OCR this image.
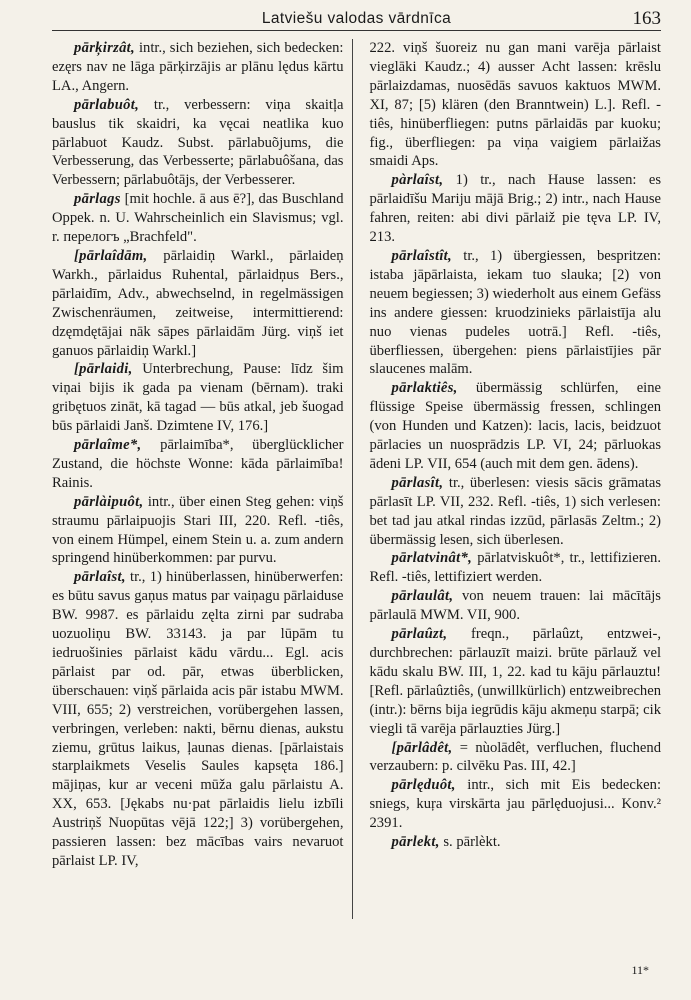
Latviešu valodas vārdnīca	163

pārķirzât, intr., sich beziehen, sich bedecken: ezęrs nav ne lāga pārķirzājis ar plānu lędus kārtu LA., Angern.

pārlabuôt, tr., verbessern: viņa skaitļa bauslus tik skaidri, ka vęcai neatlika kuo pārlabuot Kaudz. Subst. pārlabuõjums, die Verbesserung, das Verbesserte; pārlabuôšana, das Verbessern; pārlabuôtājs, der Verbesserer.

pārlags [mit hochle. ā aus ē?], das Buschland Oppek. n. U. Wahrscheinlich ein Slavismus; vgl. r. перелогъ „Brachfeld".

[pārlaîdām, pārlaidiņ Warkl., pārlaideņ Warkh., pārlaidus Ruhental, pārlaidņus Bers., pārlaidīm, Adv., abwechselnd, in regelmässigen Zwischenräumen, zeitweise, intermittierend: dzęmdętājai nāk sāpes pārlaidām Jürg. viņš iet ganuos pārlaidiņ Warkl.]

[pārlaidi, Unterbrechung, Pause: līdz šim viņai bijis ik gada pa vienam (bērnam). traki gribętuos zināt, kā tagad — būs atkal, jeb šuogad būs pārlaidi Janš. Dzimtene IV, 176.]

pārlaîme*, pārlaimība*, überglücklicher Zustand, die höchste Wonne: kāda pārlaimība! Rainis.

pārlàipuôt, intr., über einen Steg gehen: viņš straumu pārlaipuojis Stari III, 220. Refl. -tiês, von einem Hümpel, einem Stein u. a. zum andern springend hinüberkommen: par purvu.

pārlaîst, tr., 1) hinüberlassen, hinüberwerfen: es būtu savus gaņus matus par vaiņagu pārlaiduse BW. 9987. es pārlaidu zęlta zirni par sudraba uozuoliņu BW. 33143. ja par lūpām tu iedruošinies pārlaist kādu vārdu... Egl. acis pārlaist par od. pār, etwas überblicken, überschauen: viņš pārlaida acis pār istabu MWM. VIII, 655; 2) verstreichen, vorübergehen lassen, verbringen, verleben: nakti, bērnu dienas, aukstu ziemu, grūtus laikus, ļaunas dienas. [pārlaistais starplaikmets Veselis Saules kapsęta 186.] mājiņas, kur ar veceni mūža galu pārlaistu A. XX, 653. [Jękabs nu·pat pārlaidis lielu izbīli Austriņš Nuopūtas vējā 122;] 3) vorübergehen, passieren lassen: bez mācības vairs nevaruot pārlaist LP. IV,

222. viņš šuoreiz nu gan mani varēja pārlaist vieglāki Kaudz.; 4) ausser Acht lassen: krēslu pārlaizdamas, nuosēdās savuos kaktuos MWM. XI, 87; [5) klären (den Branntwein) L.]. Refl. -tiês, hinüberfliegen: putns pārlaidās par kuoku; fig., überfliegen: pa viņa vaigiem pārlaižas smaidi Aps.

pàrlaîst, 1) tr., nach Hause lassen: es pārlaidīšu Mariju mājā Brig.; 2) intr., nach Hause fahren, reiten: abi divi pārlaiž pie tęva LP. IV, 213.

pārlaîstît, tr., 1) übergiessen, bespritzen: istaba jāpārlaista, iekam tuo slauka; [2) von neuem begiessen; 3) wiederholt aus einem Gefäss ins andere giessen: kruodzinieks pārlaistīja alu nuo vienas pudeles uotrā.] Refl. -tiês, überfliessen, übergehen: piens pārlaistījies pār slaucenes malām.

pārlaktiês, übermässig schlürfen, eine flüssige Speise übermässig fressen, schlingen (von Hunden und Katzen): lacis, lacis, beidzuot pārlacies un nuosprādzis LP. VI, 24; pārluokas ādeni LP. VII, 654 (auch mit dem gen. ādens).

pārlasît, tr., überlesen: viesis sācis grāmatas pārlasīt LP. VII, 232. Refl. -tiês, 1) sich verlesen: bet tad jau atkal rindas izzūd, pārlasās Zeltm.; 2) übermässig lesen, sich überlesen.

pārlatvinât*, pārlatviskuôt*, tr., lettifizieren. Refl. -tiês, lettifiziert werden.

pārlaulât, von neuem trauen: lai mācītājs pārlaulā MWM. VII, 900.

pārlaûzt, freqn., pārlaûzt, entzwei-, durchbrechen: pārlauzīt maizi. brūte pārlauž vel kādu skalu BW. III, 1, 22. kad tu kāju pārlauztu! [Refl. pārlaûztiês, (unwillkürlich) entzweibrechen (intr.): bērns bija iegrūdis kāju akmeņu starpā; cik viegli tā varēja pārlauzties Jürg.]

[pārlâdêt, = nùolādêt, verfluchen, fluchend verzaubern: p. cilvēku Pas. III, 42.]

pārlęduôt, intr., sich mit Eis bedecken: sniegs, kuŗa virskārta jau pārlęduojusi... Konv.² 2391.

pārlekt, s. pārlèkt.

11*
